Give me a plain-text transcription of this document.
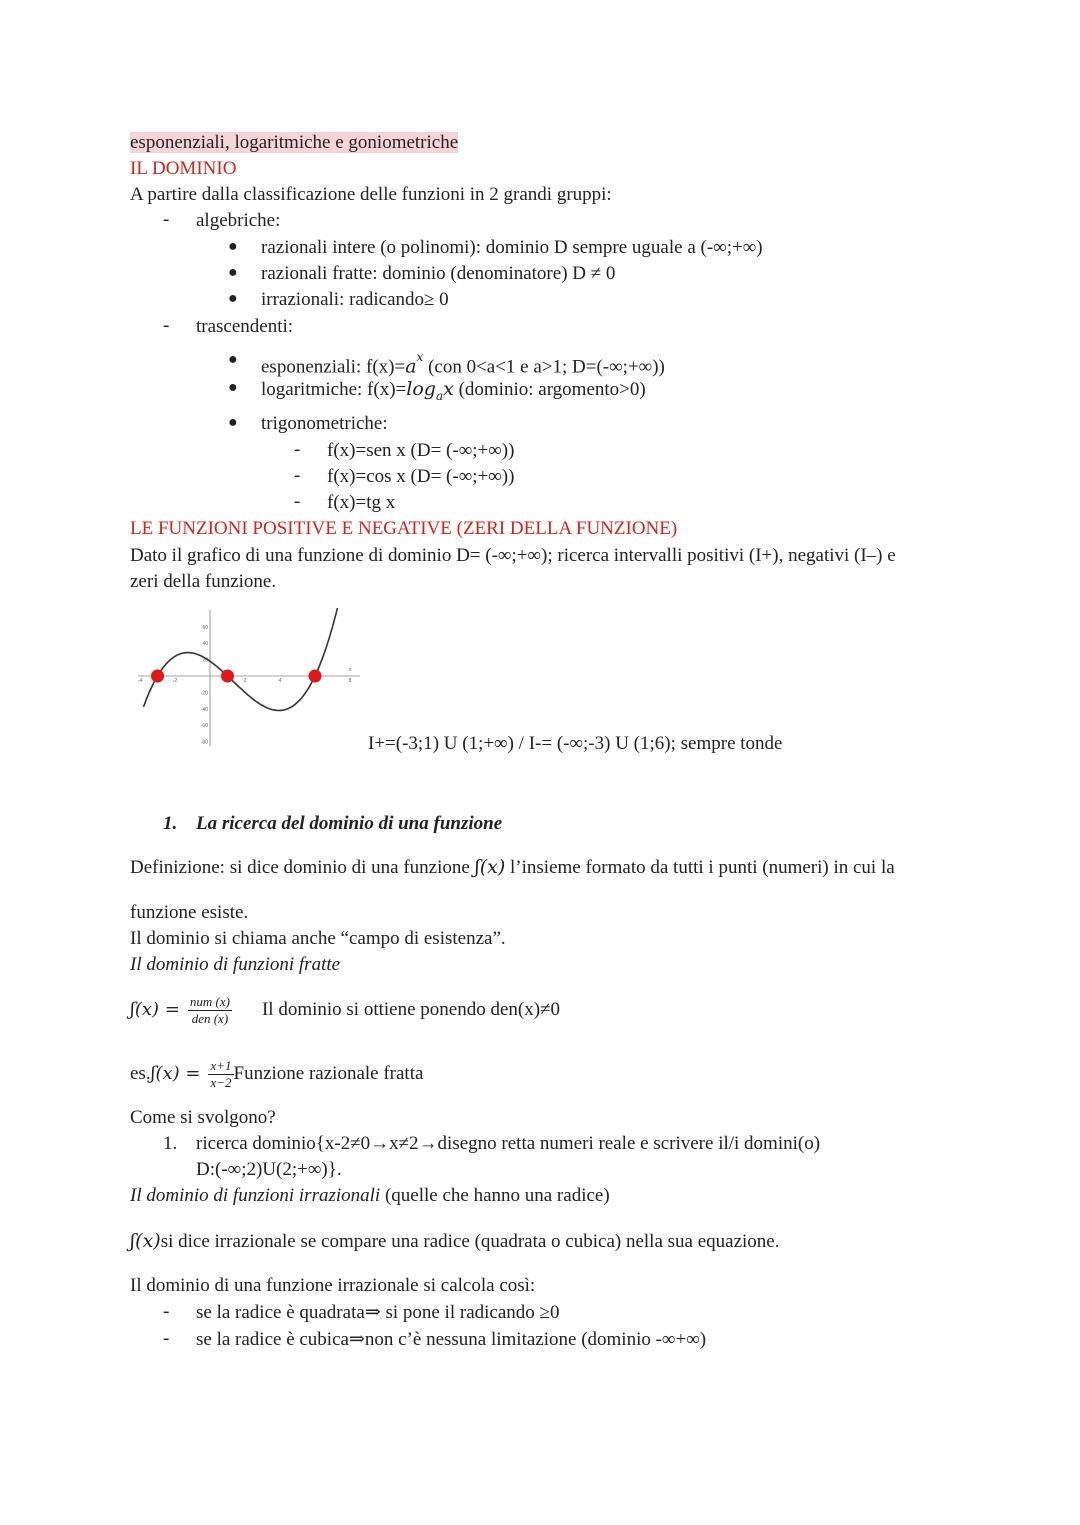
esponenziali, logaritmiche e goniometriche
IL DOMINIO
A partire dalla classificazione delle funzioni in 2 grandi gruppi:
- algebriche:
● razionali intere (o polinomi): dominio D sempre uguale a (-∞;+∞)
● razionali fratte: dominio (denominatore) D ≠ 0
● irrazionali: radicando≥ 0
- trascendenti:
● esponenziali: $f(x)=a^x$ (con 0<a<1 e a>1; D=(-∞;+∞))
● logaritmiche: $f(x)=\log_ax$ (dominio: argomento>0)
● trigonometriche:
- f(x)=sen x (D= (-∞;+∞))
- f(x)=cos x (D= (-∞;+∞))
- f(x)=tg x
LE FUNZIONI POSITIVE E NEGATIVE (ZERI DELLA FUNZIONE)
Dato il grafico di una funzione di dominio D= (-∞;+∞); ricerca intervalli positivi (I+), negativi (I–) e
zeri della funzione.
-4	-2	2	4	8
60
40
20
-20
-40
-60
-80
x
I+=(-3;1) U (1;+∞) / I-= (-∞;-3) U (1;6); sempre tonde
1. La ricerca del dominio di una funzione
Definizione: si dice dominio di una funzione ʃ(x) l’insieme formato da tutti i punti (numeri) in cui la
funzione esiste.
Il dominio si chiama anche “campo di esistenza”.
Il dominio di funzioni fratte
ʃ(x) = $\frac{\text{num (x)}}{\text{den (x)}}$ Il dominio si ottiene ponendo den(x)≠0
es. ʃ(x) = $\frac{x+1}{x-2}$ Funzione razionale fratta
Come si svolgono?
1. ricerca dominio{x-2≠0→x≠2→disegno retta numeri reale e scrivere il/i domini(o)
D:(-∞;2)U(2;+∞)}.
Il dominio di funzioni irrazionali (quelle che hanno una radice)
ʃ(x)si dice irrazionale se compare una radice (quadrata o cubica) nella sua equazione.
Il dominio di una funzione irrazionale si calcola così:
- se la radice è quadrata⇒ si pone il radicando ≥0
- se la radice è cubica⇒non c’è nessuna limitazione (dominio -∞+∞)
